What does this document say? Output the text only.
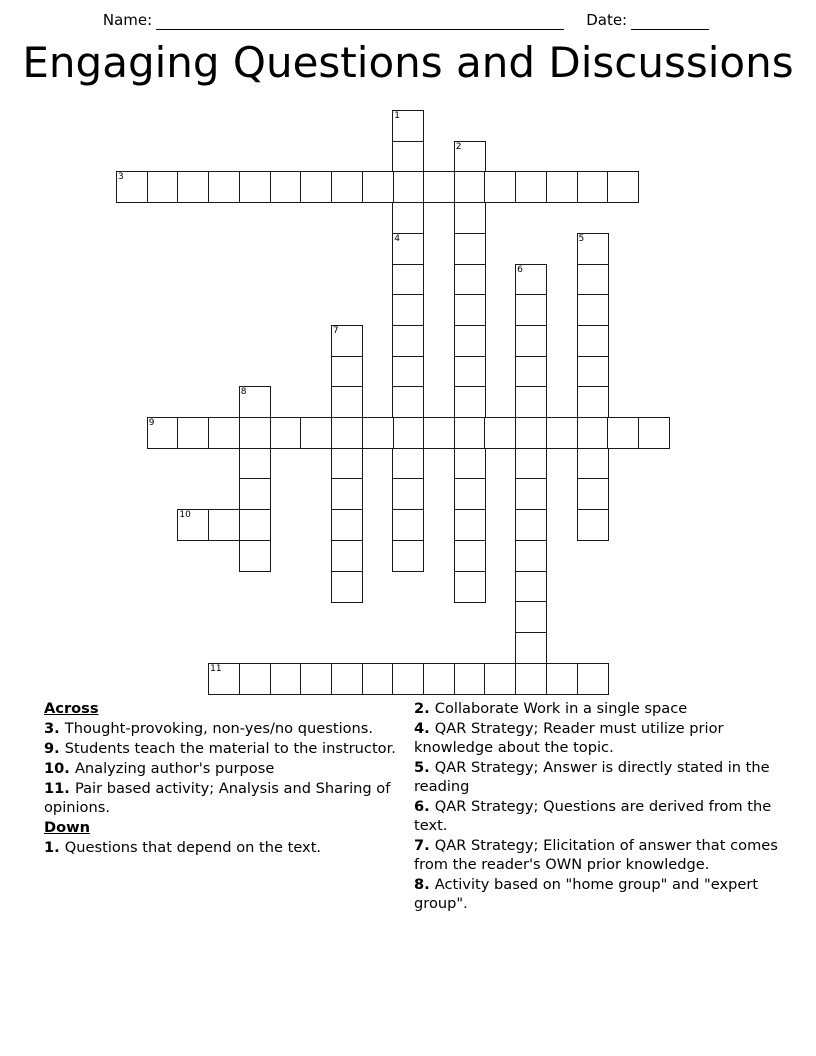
Name:	Date:
Engaging Questions and Discussions
1
2
3
4	5
6
7
8
9
10
11
Across
3. Thought-provoking, non-yes/no questions.
9. Students teach the material to the instructor.
10. Analyzing author's purpose
11. Pair based activity; Analysis and Sharing of opinions.
Down
1. Questions that depend on the text.
2. Collaborate Work in a single space
4. QAR Strategy; Reader must utilize prior knowledge about the topic.
5. QAR Strategy; Answer is directly stated in the reading
6. QAR Strategy; Questions are derived from the text.
7. QAR Strategy; Elicitation of answer that comes from the reader's OWN prior knowledge.
8. Activity based on "home group" and "expert group".
